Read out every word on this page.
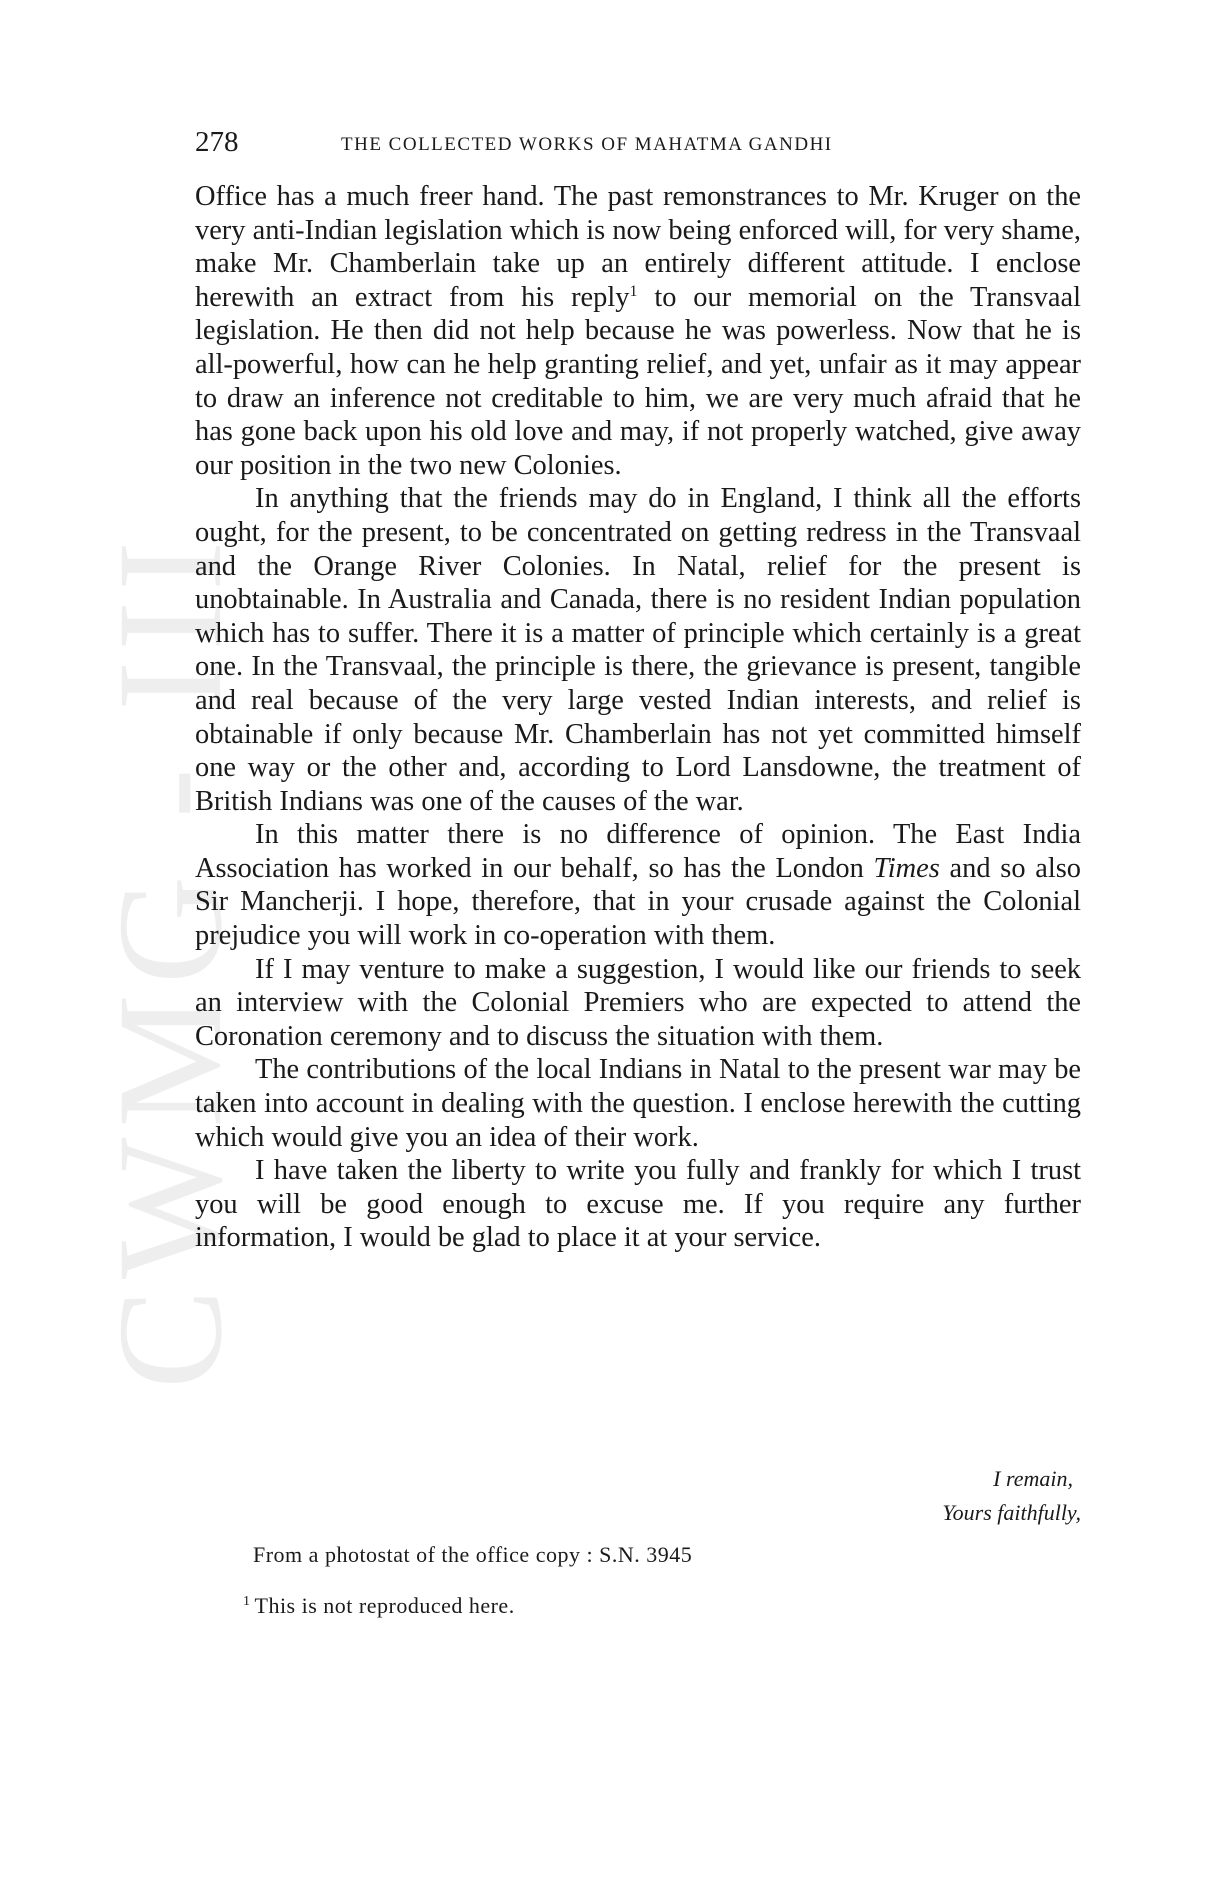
CWMG - III
278	THE COLLECTED WORKS OF MAHATMA GANDHI

Office has a much freer hand. The past remonstrances to Mr. Kruger on the very anti-Indian legislation which is now being enforced will, for very shame, make Mr. Chamberlain take up an entirely different attitude. I enclose herewith an extract from his reply$^1$ to our memorial on the Transvaal legislation. He then did not help because he was powerless. Now that he is all-powerful, how can he help granting relief, and yet, unfair as it may appear to draw an inference not creditable to him, we are very much afraid that he has gone back upon his old love and may, if not properly watched, give away our position in the two new Colonies.

In anything that the friends may do in England, I think all the efforts ought, for the present, to be concentrated on getting redress in the Transvaal and the Orange River Colonies. In Natal, relief for the present is unobtainable. In Australia and Canada, there is no resident Indian population which has to suffer. There it is a matter of principle which certainly is a great one. In the Transvaal, the principle is there, the grievance is present, tangible and real because of the very large vested Indian interests, and relief is obtainable if only because Mr. Chamberlain has not yet committed himself one way or the other and, according to Lord Lansdowne, the treatment of British Indians was one of the causes of the war.

In this matter there is no difference of opinion. The East India Association has worked in our behalf, so has the London Times and so also Sir Mancherji. I hope, therefore, that in your crusade against the Colonial prejudice you will work in co-operation with them.

If I may venture to make a suggestion, I would like our friends to seek an interview with the Colonial Premiers who are expected to attend the Coronation ceremony and to discuss the situation with them.

The contributions of the local Indians in Natal to the present war may be taken into account in dealing with the question. I enclose herewith the cutting which would give you an idea of their work.

I have taken the liberty to write you fully and frankly for which I trust you will be good enough to excuse me. If you require any further information, I would be glad to place it at your service.

I remain,
Yours faithfully,
From a photostat of the office copy : S.N. 3945
$^1$ This is not reproduced here.
